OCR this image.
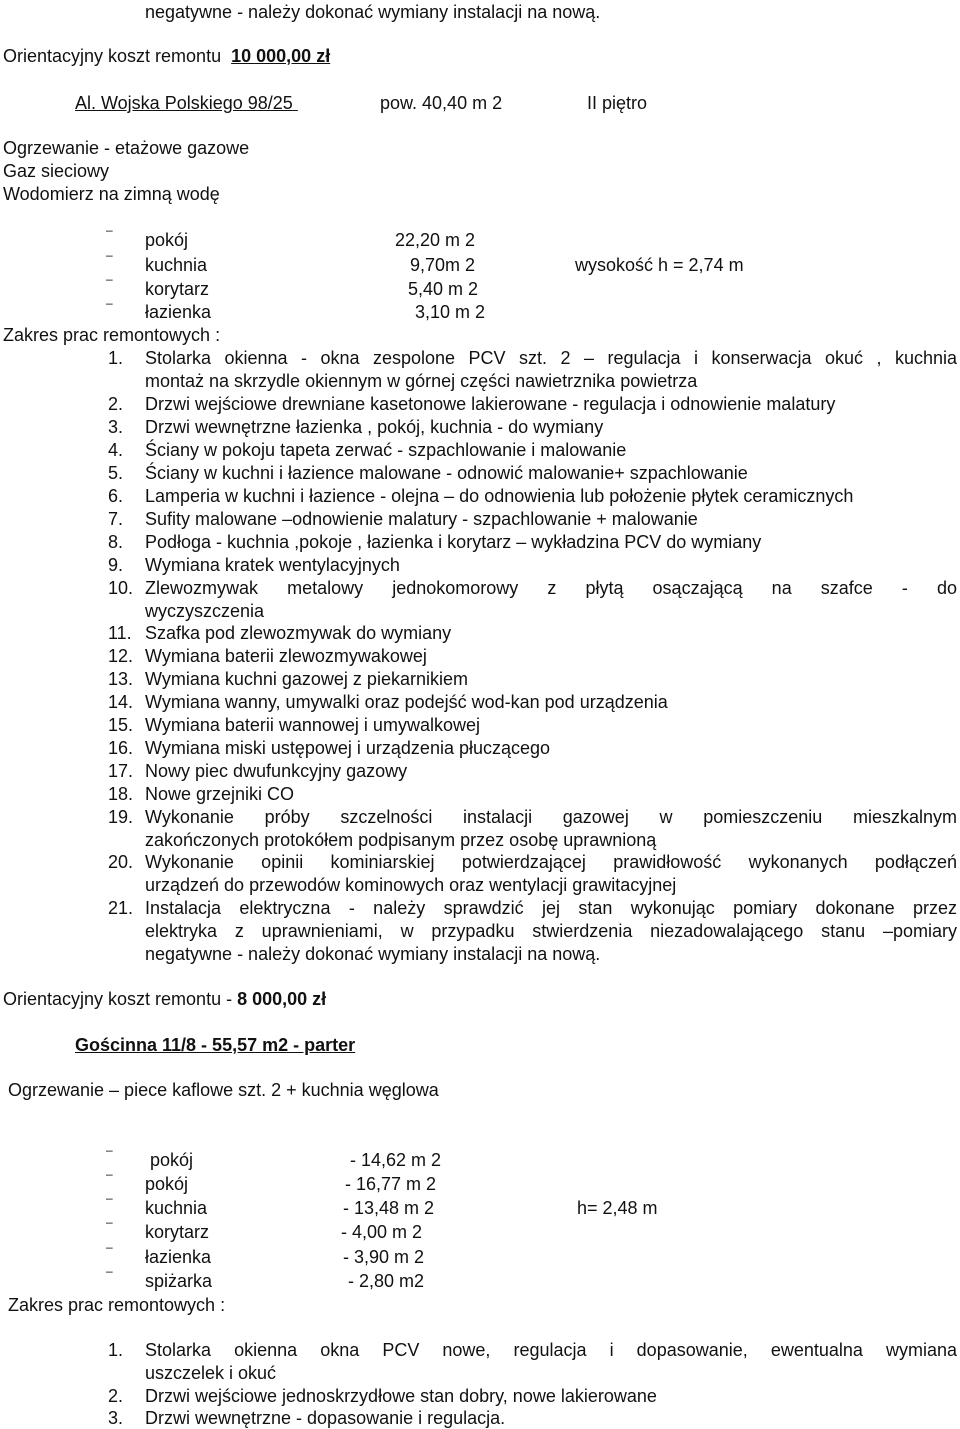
negatywne - należy dokonać wymiany instalacji na nową.
Orientacyjny koszt remontu 10 000,00 zł
Al. Wojska Polskiego 98/25	pow. 40,40 m 2	II piętro

Ogrzewanie - etażowe gazowe
Gaz sieciowy
Wodomierz na zimną wodę
– pokój	22,20 m 2
– kuchnia	9,70m 2	wysokość h = 2,74 m
– korytarz	5,40 m 2
– łazienka	3,10 m 2
Zakres prac remontowych :
1. Stolarka okienna - okna zespolone PCV szt. 2 – regulacja i konserwacja okuć , kuchnia
montaż na skrzydle okiennym w górnej części nawietrznika powietrza
2. Drzwi wejściowe drewniane kasetonowe lakierowane - regulacja i odnowienie malatury
3. Drzwi wewnętrzne łazienka , pokój, kuchnia - do wymiany
4. Ściany w pokoju tapeta zerwać - szpachlowanie i malowanie
5. Ściany w kuchni i łazience malowane - odnowić malowanie+ szpachlowanie
6. Lamperia w kuchni i łazience - olejna – do odnowienia lub położenie płytek ceramicznych
7. Sufity malowane –odnowienie malatury - szpachlowanie + malowanie
8. Podłoga - kuchnia ,pokoje , łazienka i korytarz – wykładzina PCV do wymiany
9. Wymiana kratek wentylacyjnych
10. Zlewozmywak metalowy jednokomorowy z płytą osączającą na szafce - do
wyczyszczenia
11. Szafka pod zlewozmywak do wymiany
12. Wymiana baterii zlewozmywakowej
13. Wymiana kuchni gazowej z piekarnikiem
14. Wymiana wanny, umywalki oraz podejść wod-kan pod urządzenia
15. Wymiana baterii wannowej i umywalkowej
16. Wymiana miski ustępowej i urządzenia płuczącego
17. Nowy piec dwufunkcyjny gazowy
18. Nowe grzejniki CO
19. Wykonanie próby szczelności instalacji gazowej w pomieszczeniu mieszkalnym
zakończonych protokółem podpisanym przez osobę uprawnioną
20. Wykonanie opinii kominiarskiej potwierdzającej prawidłowość wykonanych podłączeń
urządzeń do przewodów kominowych oraz wentylacji grawitacyjnej
21. Instalacja elektryczna - należy sprawdzić jej stan wykonując pomiary dokonane przez
elektryka z uprawnieniami, w przypadku stwierdzenia niezadowalającego stanu –pomiary
negatywne - należy dokonać wymiany instalacji na nową.
Orientacyjny koszt remontu - 8 000,00 zł
Gościnna 11/8 - 55,57 m2 - parter
Ogrzewanie – piece kaflowe szt. 2 + kuchnia węglowa
– pokój	- 14,62 m 2
– pokój	- 16,77 m 2
– kuchnia	- 13,48 m 2	h= 2,48 m
– korytarz	- 4,00 m 2
– łazienka	- 3,90 m 2
– spiżarka	- 2,80 m2
Zakres prac remontowych :
1. Stolarka okienna okna PCV nowe, regulacja i dopasowanie, ewentualna wymiana
uszczelek i okuć
2. Drzwi wejściowe jednoskrzydłowe stan dobry, nowe lakierowane
3. Drzwi wewnętrzne - dopasowanie i regulacja.
